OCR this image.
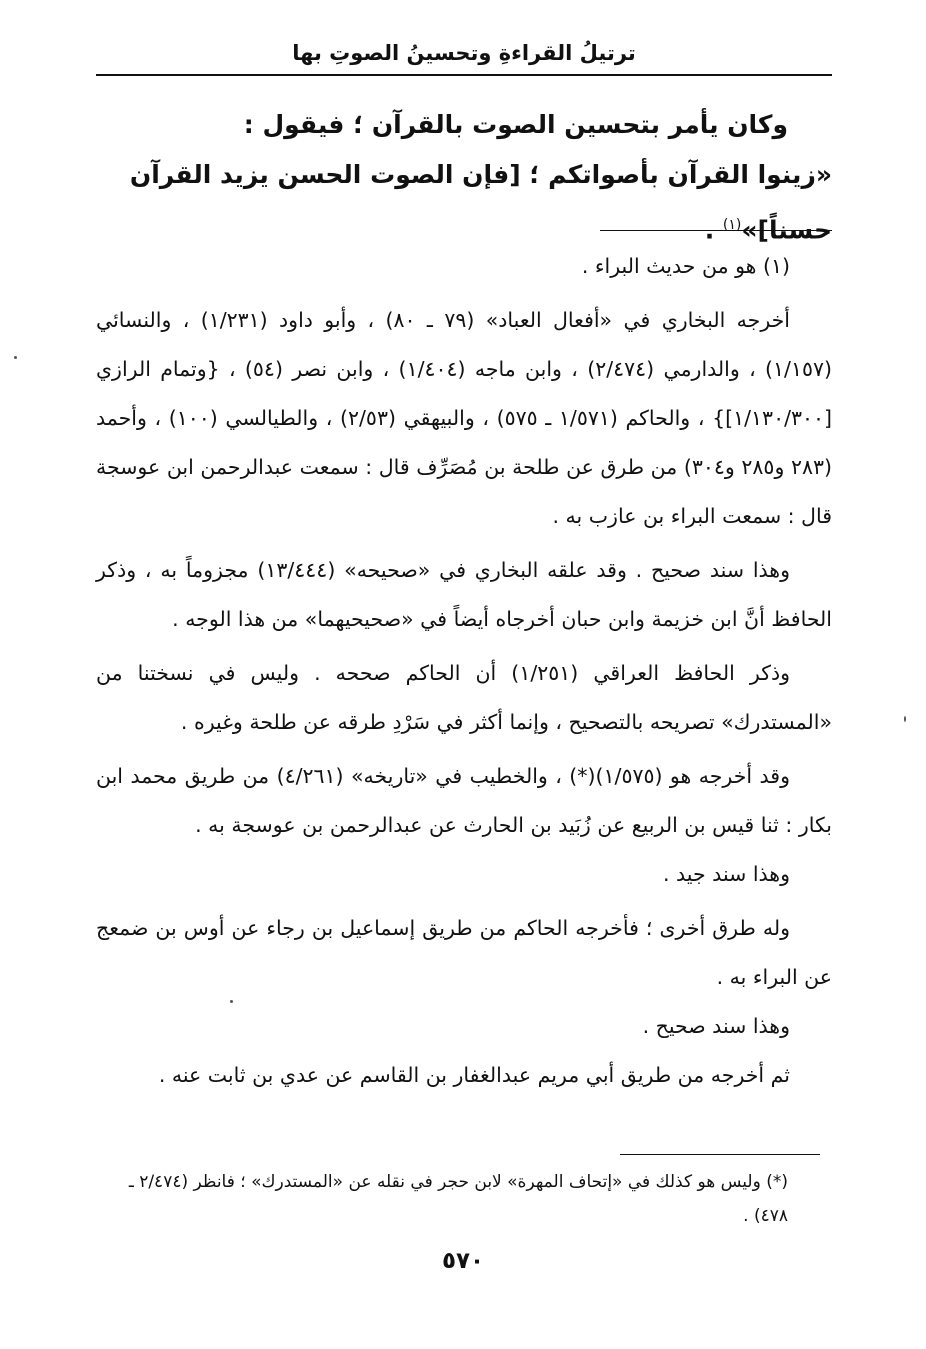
ترتيلُ القراءةِ وتحسينُ الصوتِ بها

وكان يأمر بتحسين الصوت بالقرآن ؛ فيقول :

«زينوا القرآن بأصواتكم ؛ [فإن الصوت الحسن يزيد القرآن حسناً]»$^{(١)}$ .

(١) هو من حديث البراء .

أخرجه البخاري في «أفعال العباد» (٧٩ ـ ٨٠) ، وأبو داود (١/٢٣١) ، والنسائي (١/١٥٧) ، والدارمي (٢/٤٧٤) ، وابن ماجه (١/٤٠٤) ، وابن نصر (٥٤) ، {وتمام الرازي [١/١٣٠/٣٠٠]} ، والحاكم (١/٥٧١ ـ ٥٧٥) ، والبيهقي (٢/٥٣) ، والطيالسي (١٠٠) ، وأحمد (٢٨٣ و٢٨٥ و٣٠٤) من طرق عن طلحة بن مُصَرِّف قال : سمعت عبدالرحمن ابن عوسجة قال : سمعت البراء بن عازب به .

وهذا سند صحيح . وقد علقه البخاري في «صحيحه» (١٣/٤٤٤) مجزوماً به ، وذكر الحافظ أنَّ ابن خزيمة وابن حبان أخرجاه أيضاً في «صحيحيهما» من هذا الوجه .

وذكر الحافظ العراقي (١/٢٥١) أن الحاكم صححه . وليس في نسختنا من «المستدرك» تصريحه بالتصحيح ، وإنما أكثر في سَرْدِ طرقه عن طلحة وغيره .

وقد أخرجه هو (١/٥٧٥)(*) ، والخطيب في «تاريخه» (٤/٢٦١) من طريق محمد ابن بكار : ثنا قيس بن الربيع عن زُبَيد بن الحارث عن عبدالرحمن بن عوسجة به .

وهذا سند جيد .

وله طرق أخرى ؛ فأخرجه الحاكم من طريق إسماعيل بن رجاء عن أوس بن ضمعج عن البراء به .

وهذا سند صحيح .

ثم أخرجه من طريق أبي مريم عبدالغفار بن القاسم عن عدي بن ثابت عنه .

(*) وليس هو كذلك في «إتحاف المهرة» لابن حجر في نقله عن «المستدرك» ؛ فانظر (٢/٤٧٤ ـ ٤٧٨) .
٥٧٠
